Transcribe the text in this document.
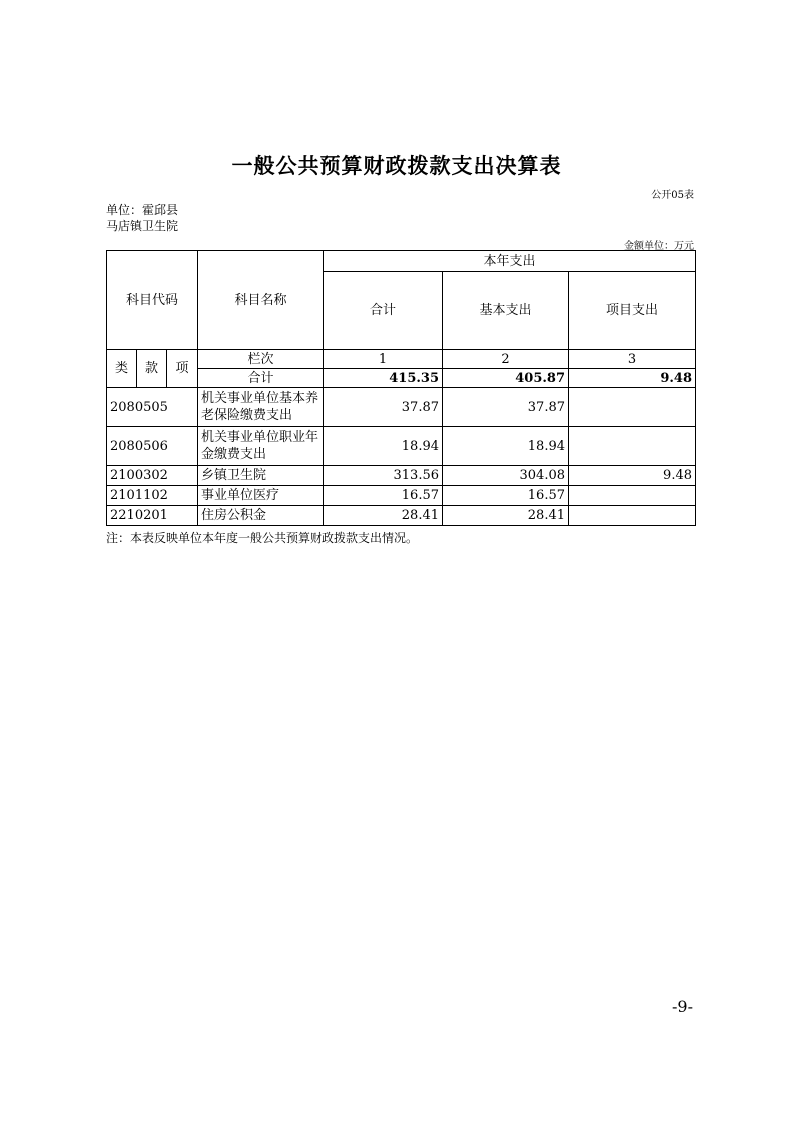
一般公共预算财政拨款支出决算表
公开05表
单位：霍邱县马店镇卫生院
金额单位：万元
科目代码			科目名称	本年支出		
				合计	基本支出	项目支出
类	款	项	栏次	1	2	3
			合计	415.35	405.87	9.48
2080505			机关事业单位基本养老保险缴费支出	37.87	37.87	
2080506			机关事业单位职业年金缴费支出	18.94	18.94	
2100302			乡镇卫生院	313.56	304.08	9.48
2101102			事业单位医疗	16.57	16.57	
2210201			住房公积金	28.41	28.41	
注：本表反映单位本年度一般公共预算财政拨款支出情况。
-9-
